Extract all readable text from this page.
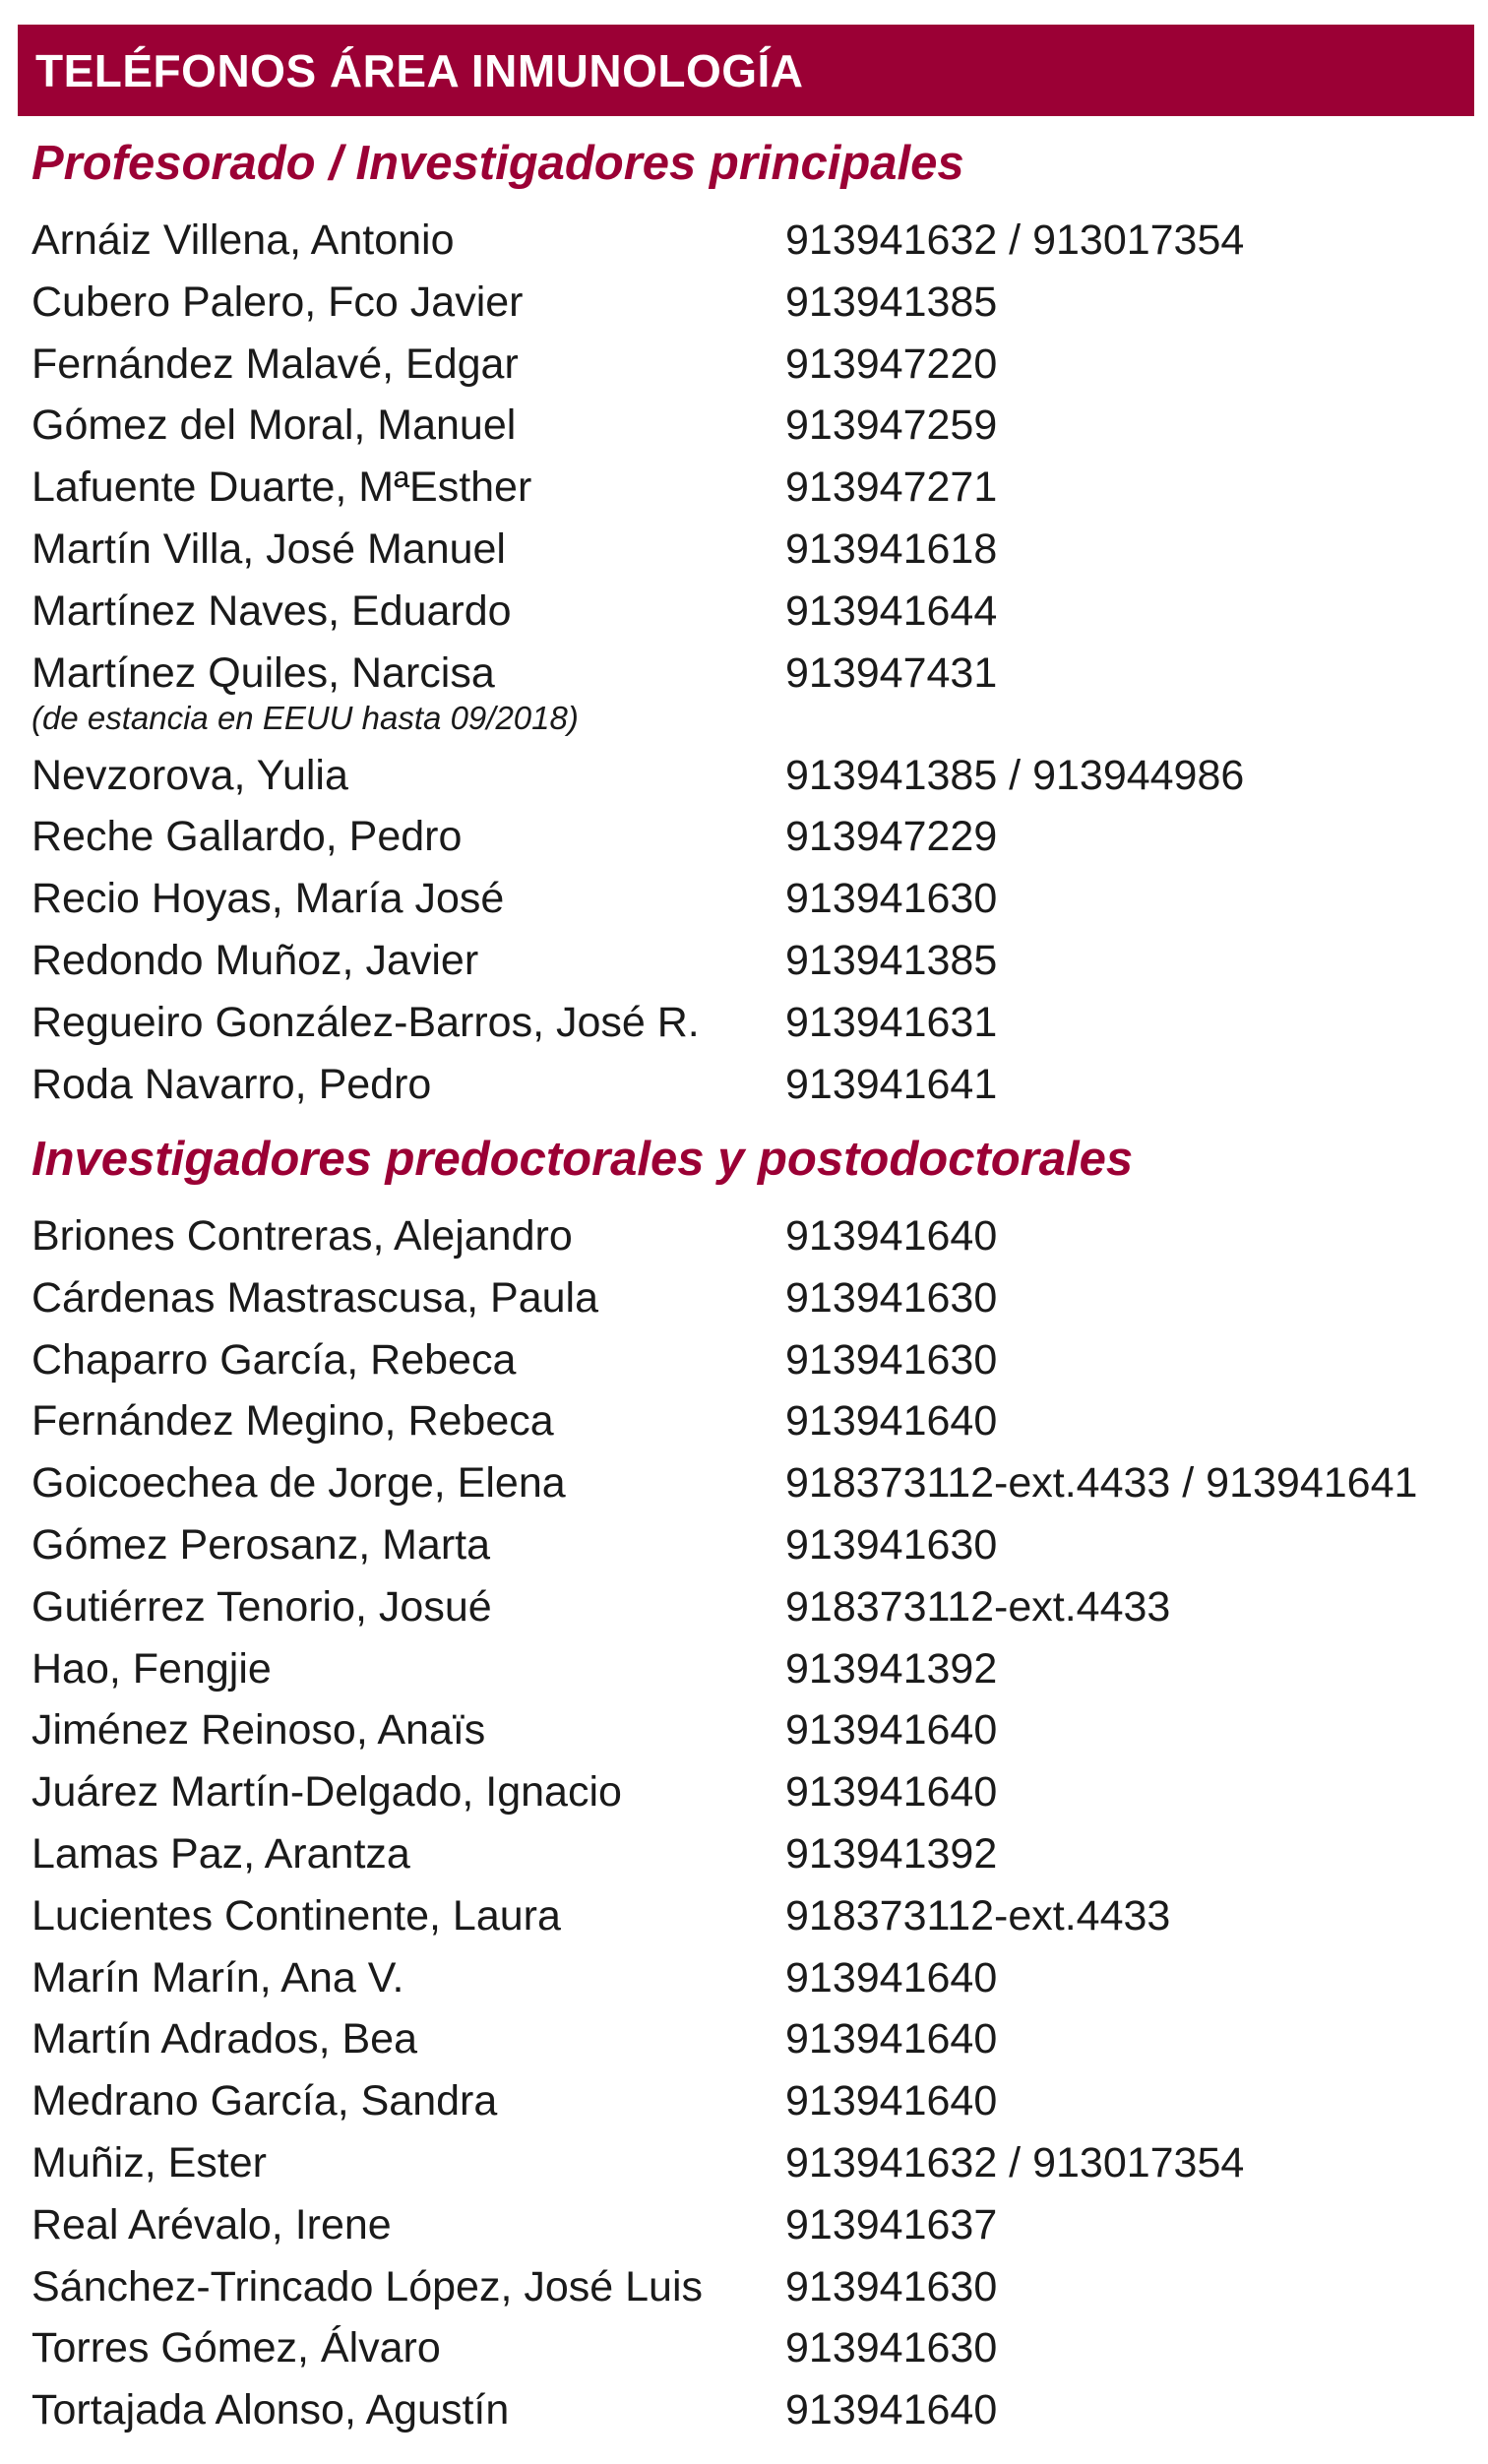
TELÉFONOS ÁREA INMUNOLOGÍA
Profesorado / Investigadores principales
Arnáiz Villena, Antonio	913941632 / 913017354
Cubero Palero, Fco Javier	913941385
Fernández Malavé, Edgar	913947220
Gómez del Moral, Manuel	913947259
Lafuente Duarte, MªEsther	913947271
Martín Villa, José Manuel	913941618
Martínez Naves, Eduardo	913941644
Martínez Quiles, Narcisa	913947431
(de estancia en EEUU hasta 09/2018)
Nevzorova, Yulia	913941385 / 913944986
Reche Gallardo, Pedro	913947229
Recio Hoyas, María José	913941630
Redondo Muñoz, Javier	913941385
Regueiro González-Barros, José R. 913941631
Roda Navarro, Pedro	913941641
Investigadores predoctorales y postodoctorales
Briones Contreras, Alejandro	913941640
Cárdenas Mastrascusa, Paula	913941630
Chaparro García, Rebeca	913941630
Fernández Megino, Rebeca	913941640
Goicoechea de Jorge, Elena	918373112-ext.4433 / 913941641
Gómez Perosanz, Marta	913941630
Gutiérrez Tenorio, Josué	918373112-ext.4433
Hao, Fengjie	913941392
Jiménez Reinoso, Anaïs	913941640
Juárez Martín-Delgado, Ignacio	913941640
Lamas Paz, Arantza	913941392
Lucientes Continente, Laura	918373112-ext.4433
Marín Marín, Ana V.	913941640
Martín Adrados, Bea	913941640
Medrano García, Sandra	913941640
Muñiz, Ester	913941632 / 913017354
Real Arévalo, Irene	913941637
Sánchez-Trincado López, José Luis 913941630
Torres Gómez, Álvaro	913941630
Tortajada Alonso, Agustín	913941640
